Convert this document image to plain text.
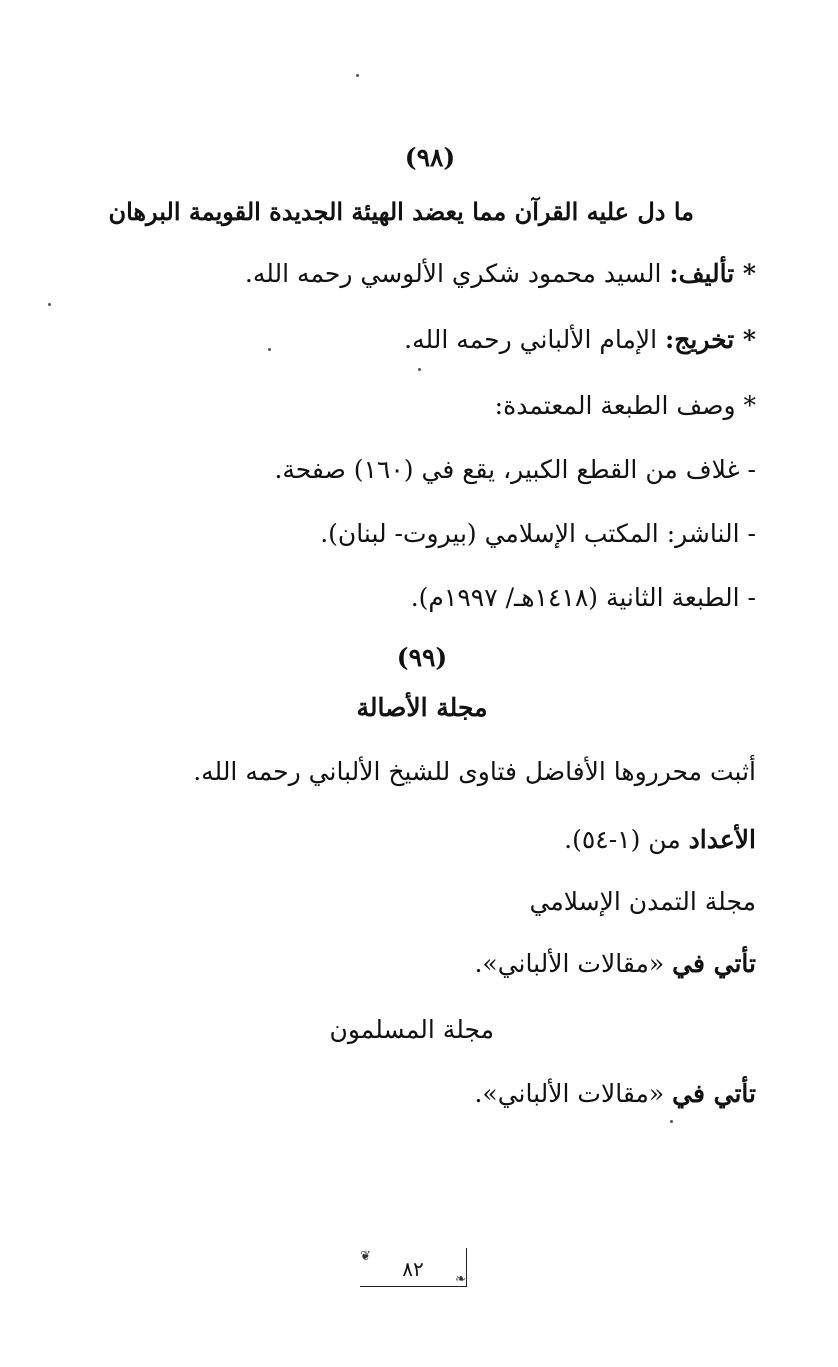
(٩٨)
ما دل عليه القرآن مما يعضد الهيئة الجديدة القويمة البرهان
* تأليف: السيد محمود شكري الألوسي رحمه الله.
* تخريج: الإمام الألباني رحمه الله.
* وصف الطبعة المعتمدة:
- غلاف من القطع الكبير، يقع في (١٦٠) صفحة.
- الناشر: المكتب الإسلامي (بيروت- لبنان).
- الطبعة الثانية (١٤١٨هـ/ ١٩٩٧م).
(٩٩)
مجلة الأصالة
أثبت محرروها الأفاضل فتاوى للشيخ الألباني رحمه الله.
الأعداد من (١-٥٤).
مجلة التمدن الإسلامي
تأتي في «مقالات الألباني».
مجلة المسلمون
تأتي في «مقالات الألباني».
❦
❧
٨٢
